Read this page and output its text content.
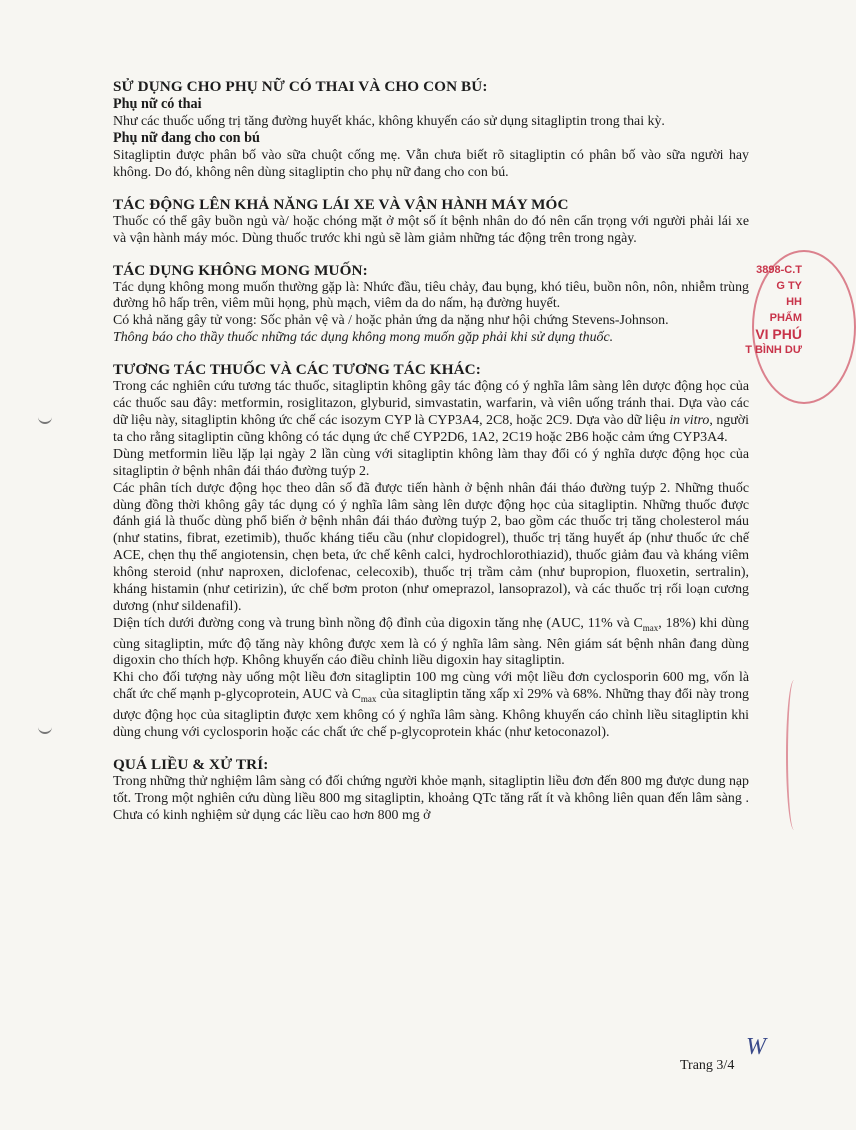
3898-C.T
G TY
HH
PHẨM
VI PHÚ
T BÌNH DƯ
SỬ DỤNG CHO PHỤ NỮ CÓ THAI VÀ CHO CON BÚ:
Phụ nữ có thai

Như các thuốc uống trị tăng đường huyết khác, không khuyến cáo sử dụng sitagliptin trong thai kỳ.

Phụ nữ đang cho con bú

Sitagliptin được phân bố vào sữa chuột cống mẹ. Vẫn chưa biết rõ sitagliptin có phân bố vào sữa người hay không. Do đó, không nên dùng sitagliptin cho phụ nữ đang cho con bú.

TÁC ĐỘNG LÊN KHẢ NĂNG LÁI XE VÀ VẬN HÀNH MÁY MÓC

Thuốc có thể gây buồn ngủ và/ hoặc chóng mặt ở một số ít bệnh nhân do đó nên cẩn trọng với người phải lái xe và vận hành máy móc. Dùng thuốc trước khi ngủ sẽ làm giảm những tác động trên trong ngày.

TÁC DỤNG KHÔNG MONG MUỐN:

Tác dụng không mong muốn thường gặp là: Nhức đầu, tiêu chảy, đau bụng, khó tiêu, buồn nôn, nôn, nhiễm trùng đường hô hấp trên, viêm mũi họng, phù mạch, viêm da do nấm, hạ đường huyết.

Có khả năng gây tử vong: Sốc phản vệ và / hoặc phản ứng da nặng như hội chứng Stevens-Johnson.

Thông báo cho thầy thuốc những tác dụng không mong muốn gặp phải khi sử dụng thuốc.

TƯƠNG TÁC THUỐC VÀ CÁC TƯƠNG TÁC KHÁC:

Trong các nghiên cứu tương tác thuốc, sitagliptin không gây tác động có ý nghĩa lâm sàng lên dược động học của các thuốc sau đây: metformin, rosiglitazon, glyburid, simvastatin, warfarin, và viên uống tránh thai. Dựa vào các dữ liệu này, sitagliptin không ức chế các isozym CYP là CYP3A4, 2C8, hoặc 2C9. Dựa vào dữ liệu in vitro, người ta cho rằng sitagliptin cũng không có tác dụng ức chế CYP2D6, 1A2, 2C19 hoặc 2B6 hoặc cảm ứng CYP3A4.

Dùng metformin liều lặp lại ngày 2 lần cùng với sitagliptin không làm thay đổi có ý nghĩa dược động học của sitagliptin ở bệnh nhân đái tháo đường tuýp 2.

Các phân tích dược động học theo dân số đã được tiến hành ở bệnh nhân đái tháo đường tuýp 2. Những thuốc dùng đồng thời không gây tác dụng có ý nghĩa lâm sàng lên dược động học của sitagliptin. Những thuốc được đánh giá là thuốc dùng phổ biến ở bệnh nhân đái tháo đường tuýp 2, bao gồm các thuốc trị tăng cholesterol máu (như statins, fibrat, ezetimib), thuốc kháng tiểu cầu (như clopidogrel), thuốc trị tăng huyết áp (như thuốc ức chế ACE, chẹn thụ thể angiotensin, chẹn beta, ức chế kênh calci, hydrochlorothiazid), thuốc giảm đau và kháng viêm không steroid (như naproxen, diclofenac, celecoxib), thuốc trị trầm cảm (như bupropion, fluoxetin, sertralin), kháng histamin (như cetirizin), ức chế bơm proton (như omeprazol, lansoprazol), và các thuốc trị rối loạn cương dương (như sildenafil).

Diện tích dưới đường cong và trung bình nồng độ đỉnh của digoxin tăng nhẹ (AUC, 11% và $C_{max}$, 18%) khi dùng cùng sitagliptin, mức độ tăng này không được xem là có ý nghĩa lâm sàng. Nên giám sát bệnh nhân đang dùng digoxin cho thích hợp. Không khuyến cáo điều chỉnh liều digoxin hay sitagliptin.

Khi cho đối tượng này uống một liều đơn sitagliptin 100 mg cùng với một liều đơn cyclosporin 600 mg, vốn là chất ức chế mạnh p-glycoprotein, AUC và $C_{max}$ của sitagliptin tăng xấp xỉ 29% và 68%. Những thay đổi này trong dược động học của sitagliptin được xem không có ý nghĩa lâm sàng. Không khuyến cáo chỉnh liều sitagliptin khi dùng chung với cyclosporin hoặc các chất ức chế p-glycoprotein khác (như ketoconazol).

QUÁ LIỀU & XỬ TRÍ:

Trong những thử nghiệm lâm sàng có đối chứng người khỏe mạnh, sitagliptin liều đơn đến 800 mg được dung nạp tốt. Trong một nghiên cứu dùng liều 800 mg sitagliptin, khoảng QTc tăng rất ít và không liên quan đến lâm sàng . Chưa có kinh nghiệm sử dụng các liều cao hơn 800 mg ở

W
Trang 3/4
